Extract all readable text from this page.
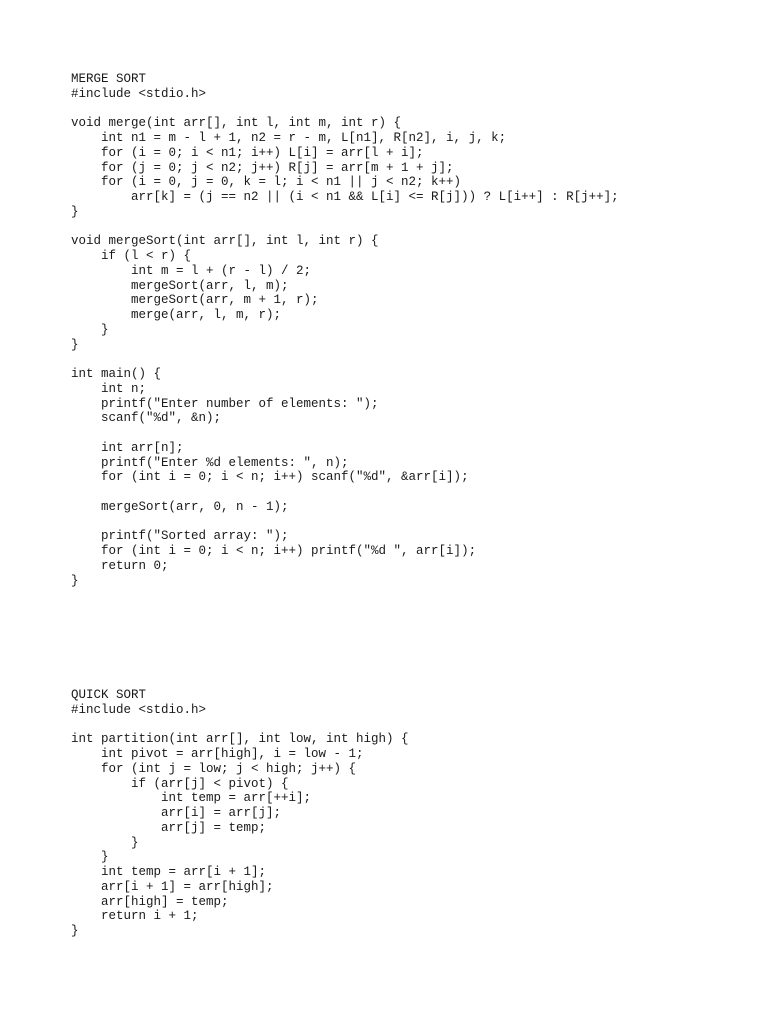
MERGE SORT
#include <stdio.h>
void merge(int arr[], int l, int m, int r) {
int n1 = m - l + 1, n2 = r - m, L[n1], R[n2], i, j, k;
for (i = 0; i < n1; i++) L[i] = arr[l + i];
for (j = 0; j < n2; j++) R[j] = arr[m + 1 + j];
for (i = 0, j = 0, k = l; i < n1 || j < n2; k++)
arr[k] = (j == n2 || (i < n1 && L[i] <= R[j])) ? L[i++] : R[j++];
}
void mergeSort(int arr[], int l, int r) {
if (l < r) {
int m = l + (r - l) / 2;
mergeSort(arr, l, m);
mergeSort(arr, m + 1, r);
merge(arr, l, m, r);
}
}
int main() {
int n;
printf("Enter number of elements: ");
scanf("%d", &n);
int arr[n];
printf("Enter %d elements: ", n);
for (int i = 0; i < n; i++) scanf("%d", &arr[i]);
mergeSort(arr, 0, n - 1);
printf("Sorted array: ");
for (int i = 0; i < n; i++) printf("%d ", arr[i]);
return 0;
}
QUICK SORT
#include <stdio.h>
int partition(int arr[], int low, int high) {
int pivot = arr[high], i = low - 1;
for (int j = low; j < high; j++) {
if (arr[j] < pivot) {
int temp = arr[++i];
arr[i] = arr[j];
arr[j] = temp;
}
}
int temp = arr[i + 1];
arr[i + 1] = arr[high];
arr[high] = temp;
return i + 1;
}
